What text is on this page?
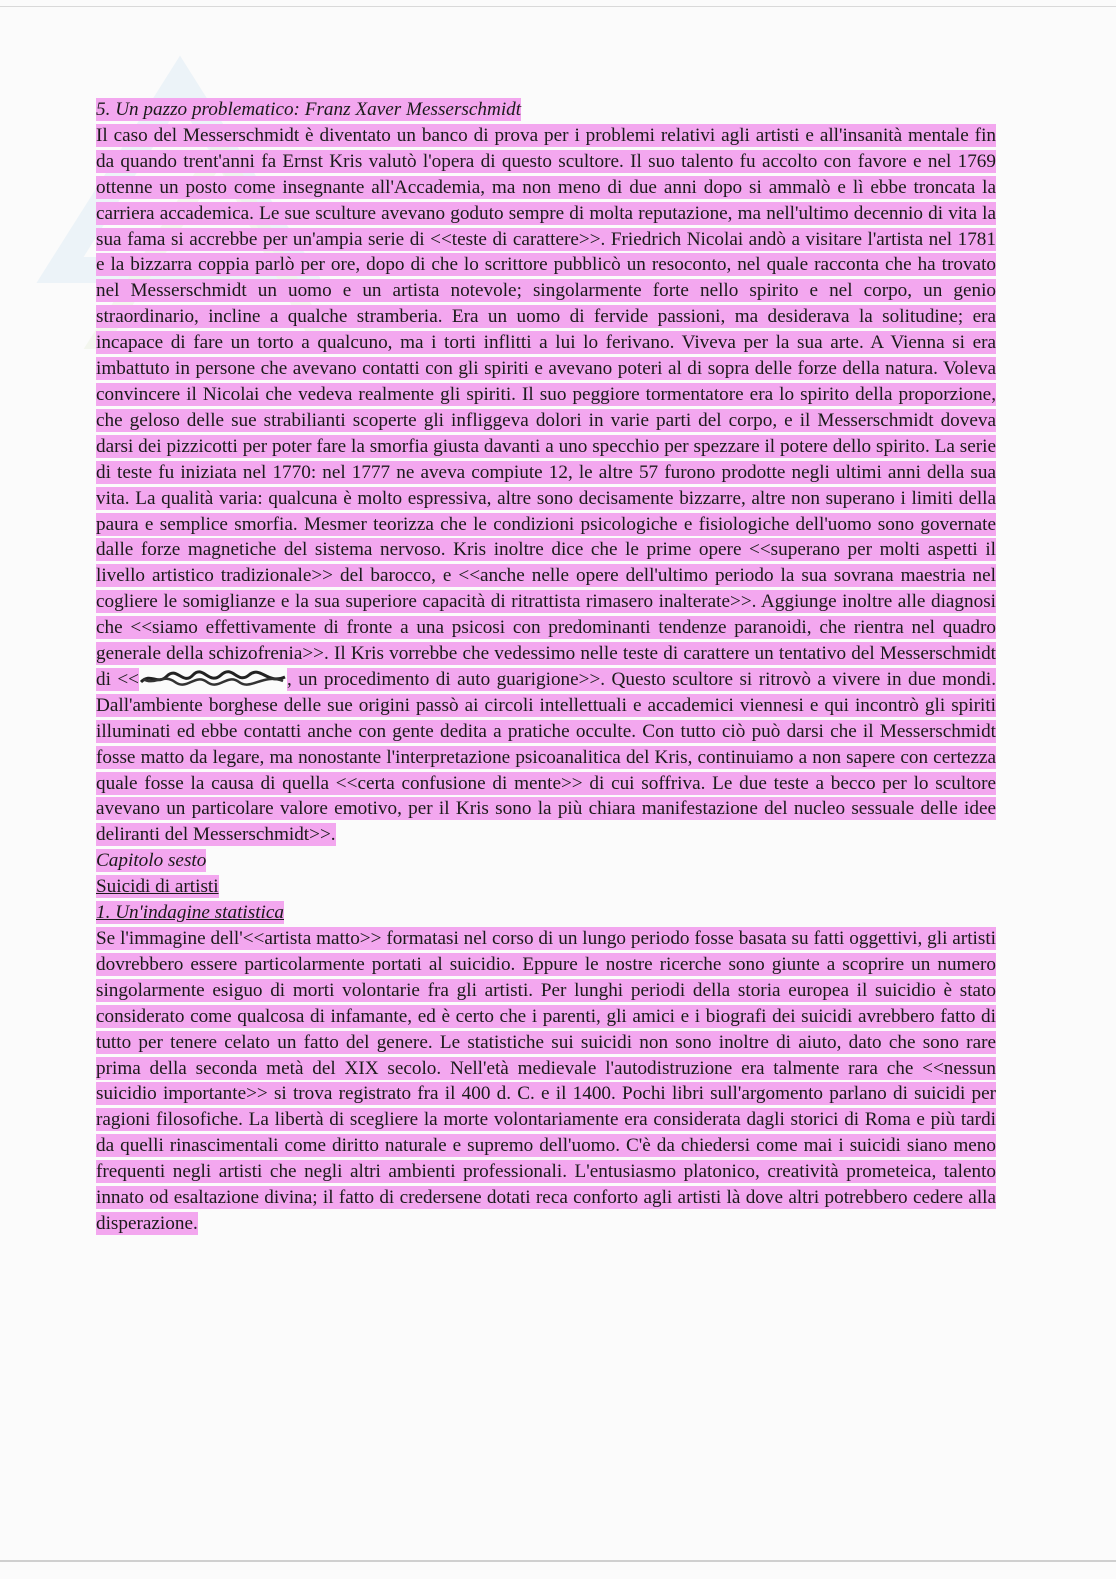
5. Un pazzo problematico: Franz Xaver Messerschmidt

Il caso del Messerschmidt è diventato un banco di prova per i problemi relativi agli artisti e all'insanità mentale fin da quando trent'anni fa Ernst Kris valutò l'opera di questo scultore. Il suo talento fu accolto con favore e nel 1769 ottenne un posto come insegnante all'Accademia, ma non meno di due anni dopo si ammalò e lì ebbe troncata la carriera accademica. Le sue sculture avevano goduto sempre di molta reputazione, ma nell'ultimo decennio di vita la sua fama si accrebbe per un'ampia serie di <<teste di carattere>>. Friedrich Nicolai andò a visitare l'artista nel 1781 e la bizzarra coppia parlò per ore, dopo di che lo scrittore pubblicò un resoconto, nel quale racconta che ha trovato nel Messerschmidt un uomo e un artista notevole; singolarmente forte nello spirito e nel corpo, un genio straordinario, incline a qualche stramberia. Era un uomo di fervide passioni, ma desiderava la solitudine; era incapace di fare un torto a qualcuno, ma i torti inflitti a lui lo ferivano. Viveva per la sua arte. A Vienna si era imbattuto in persone che avevano contatti con gli spiriti e avevano poteri al di sopra delle forze della natura. Voleva convincere il Nicolai che vedeva realmente gli spiriti. Il suo peggiore tormentatore era lo spirito della proporzione, che geloso delle sue strabilianti scoperte gli infliggeva dolori in varie parti del corpo, e il Messerschmidt doveva darsi dei pizzicotti per poter fare la smorfia giusta davanti a uno specchio per spezzare il potere dello spirito. La serie di teste fu iniziata nel 1770: nel 1777 ne aveva compiute 12, le altre 57 furono prodotte negli ultimi anni della sua vita. La qualità varia: qualcuna è molto espressiva, altre sono decisamente bizzarre, altre non superano i limiti della paura e semplice smorfia. Mesmer teorizza che le condizioni psicologiche e fisiologiche dell'uomo sono governate dalle forze magnetiche del sistema nervoso. Kris inoltre dice che le prime opere <<superano per molti aspetti il livello artistico tradizionale>> del barocco, e <<anche nelle opere dell'ultimo periodo la sua sovrana maestria nel cogliere le somiglianze e la sua superiore capacità di ritrattista rimasero inalterate>>. Aggiunge inoltre alle diagnosi che <<siamo effettivamente di fronte a una psicosi con predominanti tendenze paranoidi, che rientra nel quadro generale della schizofrenia>>. Il Kris vorrebbe che vedessimo nelle teste di carattere un tentativo del Messerschmidt di <<	, un procedimento di auto guarigione>>. Questo scultore si ritrovò a vivere in due mondi. Dall'ambiente borghese delle sue origini passò ai circoli intellettuali e accademici viennesi e qui incontrò gli spiriti illuminati ed ebbe contatti anche con gente dedita a pratiche occulte. Con tutto ciò può darsi che il Messerschmidt fosse matto da legare, ma nonostante l'interpretazione psicoanalitica del Kris, continuiamo a non sapere con certezza quale fosse la causa di quella <<certa confusione di mente>> di cui soffriva. Le due teste a becco per lo scultore avevano un particolare valore emotivo, per il Kris sono la più chiara manifestazione del nucleo sessuale delle idee deliranti del Messerschmidt>>.

Capitolo sesto

Suicidi di artisti

1. Un'indagine statistica

Se l'immagine dell'<<artista matto>> formatasi nel corso di un lungo periodo fosse basata su fatti oggettivi, gli artisti dovrebbero essere particolarmente portati al suicidio. Eppure le nostre ricerche sono giunte a scoprire un numero singolarmente esiguo di morti volontarie fra gli artisti. Per lunghi periodi della storia europea il suicidio è stato considerato come qualcosa di infamante, ed è certo che i parenti, gli amici e i biografi dei suicidi avrebbero fatto di tutto per tenere celato un fatto del genere. Le statistiche sui suicidi non sono inoltre di aiuto, dato che sono rare prima della seconda metà del XIX secolo. Nell'età medievale l'autodistruzione era talmente rara che <<nessun suicidio importante>> si trova registrato fra il 400 d. C. e il 1400. Pochi libri sull'argomento parlano di suicidi per ragioni filosofiche. La libertà di scegliere la morte volontariamente era considerata dagli storici di Roma e più tardi da quelli rinascimentali come diritto naturale e supremo dell'uomo. C'è da chiedersi come mai i suicidi siano meno frequenti negli artisti che negli altri ambienti professionali. L'entusiasmo platonico, creatività prometeica, talento innato od esaltazione divina; il fatto di credersene dotati reca conforto agli artisti là dove altri potrebbero cedere alla disperazione.
